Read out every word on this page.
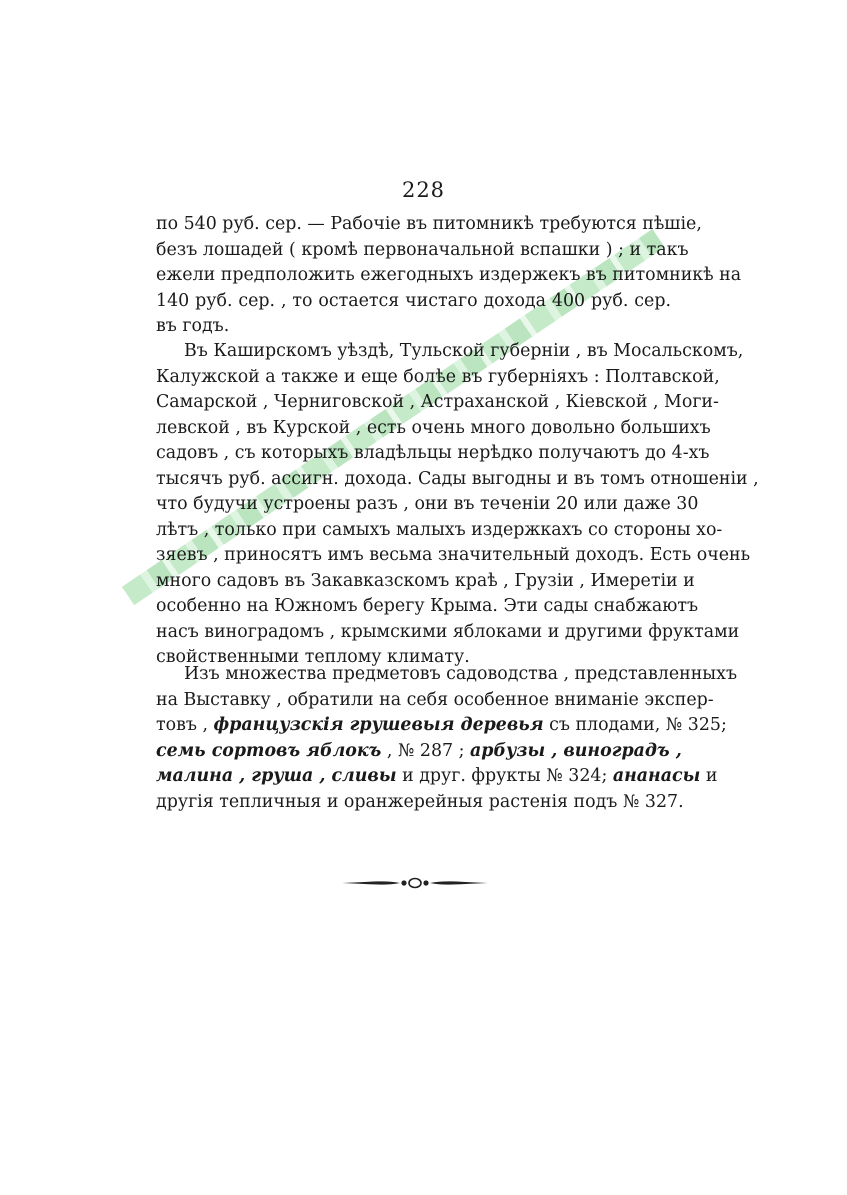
228
по 540 руб. сер. — Рабочiе въ питомникѣ требуются пѣшiе,
безъ лошадей ( кромѣ первоначальной вспашки ) ; и такъ
ежели предположить ежегодныхъ издержекъ въ питомникѣ на
140 руб. сер. , то остается чистаго дохода 400 руб. сер.
въ годъ.
Въ Каширскомъ уѣздѣ, Тульской губернiи , въ Мосальскомъ,
Калужской а также и еще болѣе въ губернiяхъ : Полтавской,
Самарской , Черниговской , Астраханской , Кiевской , Моги-
левской , въ Курской , есть очень много довольно большихъ
садовъ , съ которыхъ владѣльцы нерѣдко получаютъ до 4-хъ
тысячъ руб. ассигн. дохода. Сады выгодны и въ томъ отношенiи ,
что будучи устроены разъ , они въ теченiи 20 или даже 30
лѣтъ , только при самыхъ малыхъ издержкахъ со стороны хо-
зяевъ , приносятъ имъ весьма значительный доходъ. Есть очень
много садовъ въ Закавказскомъ краѣ , Грузiи , Имеретiи и
особенно на Южномъ берегу Крыма. Эти сады снабжаютъ
насъ виноградомъ , крымскими яблоками и другими фруктами
свойственными теплому климату.
Изъ множества предметовъ садоводства , представленныхъ
на Выставку , обратили на себя особенное вниманiе экспер-
товъ , французскiя грушевыя деревья съ плодами, № 325;
семь сортовъ яблокъ , № 287 ; арбузы , виноградъ ,
малина , груша , сливы и друг. фрукты № 324; ананасы и
другiя тепличныя и оранжерейныя растенiя подъ № 327.
